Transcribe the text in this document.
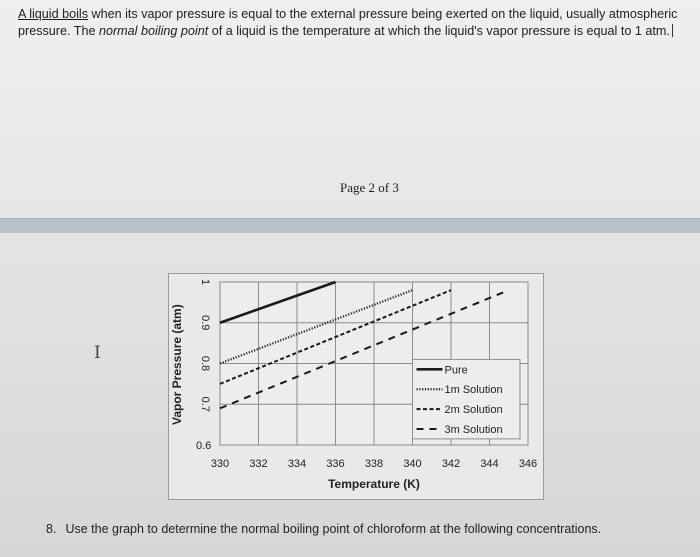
A liquid boils when its vapor pressure is equal to the external pressure being exerted on the liquid, usually atmospheric pressure. The normal boiling point of a liquid is the temperature at which the liquid's vapor pressure is equal to 1 atm.
Page 2 of 3
I
330 332 334 336 338 340 342 344 346
0.6
0.7
0.8
0.9
1
Temperature (K)
Pure
1m Solution
2m Solution
3m Solution
Vapor Pressure (atm)
8. Use the graph to determine the normal boiling point of chloroform at the following concentrations.
